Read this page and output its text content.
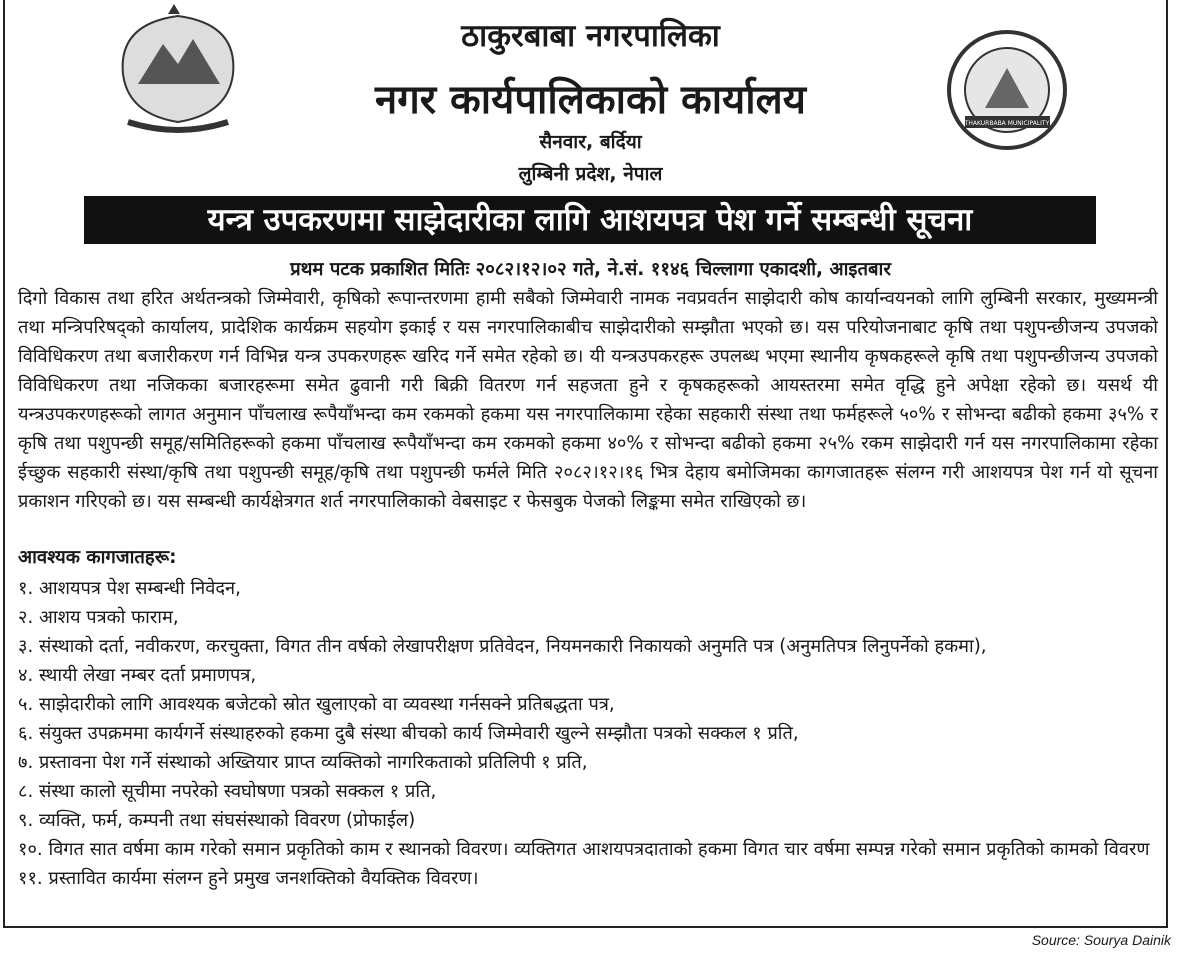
ठाकुरबाबा नगरपालिका
नगर कार्यपालिकाको कार्यालय
सैनवार, बर्दिया
लुम्बिनी प्रदेश, नेपाल
THAKURBABA MUNICIPALITY
यन्त्र उपकरणमा साझेदारीका लागि आशयपत्र पेश गर्ने सम्बन्धी सूचना
प्रथम पटक प्रकाशित मितिः २०८२।१२।०२ गते, ने.सं. ११४६ चिल्लागा एकादशी, आइतबार
दिगो विकास तथा हरित अर्थतन्त्रको जिम्मेवारी, कृषिको रूपान्तरणमा हामी सबैको जिम्मेवारी नामक नवप्रवर्तन साझेदारी कोष कार्यान्वयनको लागि लुम्बिनी सरकार, मुख्यमन्त्री तथा मन्त्रिपरिषद्को कार्यालय, प्रादेशिक कार्यक्रम सहयोग इकाई र यस नगरपालिकाबीच साझेदारीको सम्झौता भएको छ। यस परियोजनाबाट कृषि तथा पशुपन्छीजन्य उपजको विविधिकरण तथा बजारीकरण गर्न विभिन्न यन्त्र उपकरणहरू खरिद गर्ने समेत रहेको छ। यी यन्त्रउपकरहरू उपलब्ध भएमा स्थानीय कृषकहरूले कृषि तथा पशुपन्छीजन्य उपजको विविधिकरण तथा नजिकका बजारहरूमा समेत ढुवानी गरी बिक्री वितरण गर्न सहजता हुने र कृषकहरूको आयस्तरमा समेत वृद्धि हुने अपेक्षा रहेको छ। यसर्थ यी यन्त्रउपकरणहरूको लागत अनुमान पाँचलाख रूपैयाँभन्दा कम रकमको हकमा यस नगरपालिकामा रहेका सहकारी संस्था तथा फर्महरूले ५०% र सोभन्दा बढीको हकमा ३५% र कृषि तथा पशुपन्छी समूह/समितिहरूको हकमा पाँचलाख रूपैयाँभन्दा कम रकमको हकमा ४०% र सोभन्दा बढीको हकमा २५% रकम साझेदारी गर्न यस नगरपालिकामा रहेका ईच्छुक सहकारी संस्था/कृषि तथा पशुपन्छी समूह/कृषि तथा पशुपन्छी फर्मले मिति २०८२।१२।१६ भित्र देहाय बमोजिमका कागजातहरू संलग्न गरी आशयपत्र पेश गर्न यो सूचना प्रकाशन गरिएको छ। यस सम्बन्धी कार्यक्षेत्रगत शर्त नगरपालिकाको वेबसाइट र फेसबुक पेजको लिङ्कमा समेत राखिएको छ।
आवश्यक कागजातहरू:
१. आशयपत्र पेश सम्बन्धी निवेदन,
२. आशय पत्रको फाराम,
३. संस्थाको दर्ता, नवीकरण, करचुक्ता, विगत तीन वर्षको लेखापरीक्षण प्रतिवेदन, नियमनकारी निकायको अनुमति पत्र (अनुमतिपत्र लिनुपर्नेको हकमा),
४. स्थायी लेखा नम्बर दर्ता प्रमाणपत्र,
५. साझेदारीको लागि आवश्यक बजेटको स्रोत खुलाएको वा व्यवस्था गर्नसक्ने प्रतिबद्धता पत्र,
६. संयुक्त उपक्रममा कार्यगर्ने संस्थाहरुको हकमा दुबै संस्था बीचको कार्य जिम्मेवारी खुल्ने सम्झौता पत्रको सक्कल १ प्रति,
७. प्रस्तावना पेश गर्ने संस्थाको अख्तियार प्राप्त व्यक्तिको नागरिकताको प्रतिलिपी १ प्रति,
८. संस्था कालो सूचीमा नपरेको स्वघोषणा पत्रको सक्कल १ प्रति,
९. व्यक्ति, फर्म, कम्पनी तथा संघसंस्थाको विवरण (प्रोफाईल)
१०. विगत सात वर्षमा काम गरेको समान प्रकृतिको काम र स्थानको विवरण। व्यक्तिगत आशयपत्रदाताको हकमा विगत चार वर्षमा सम्पन्न गरेको समान प्रकृतिको कामको विवरण
११. प्रस्तावित कार्यमा संलग्न हुने प्रमुख जनशक्तिको वैयक्तिक विवरण।
Source: Sourya Dainik
